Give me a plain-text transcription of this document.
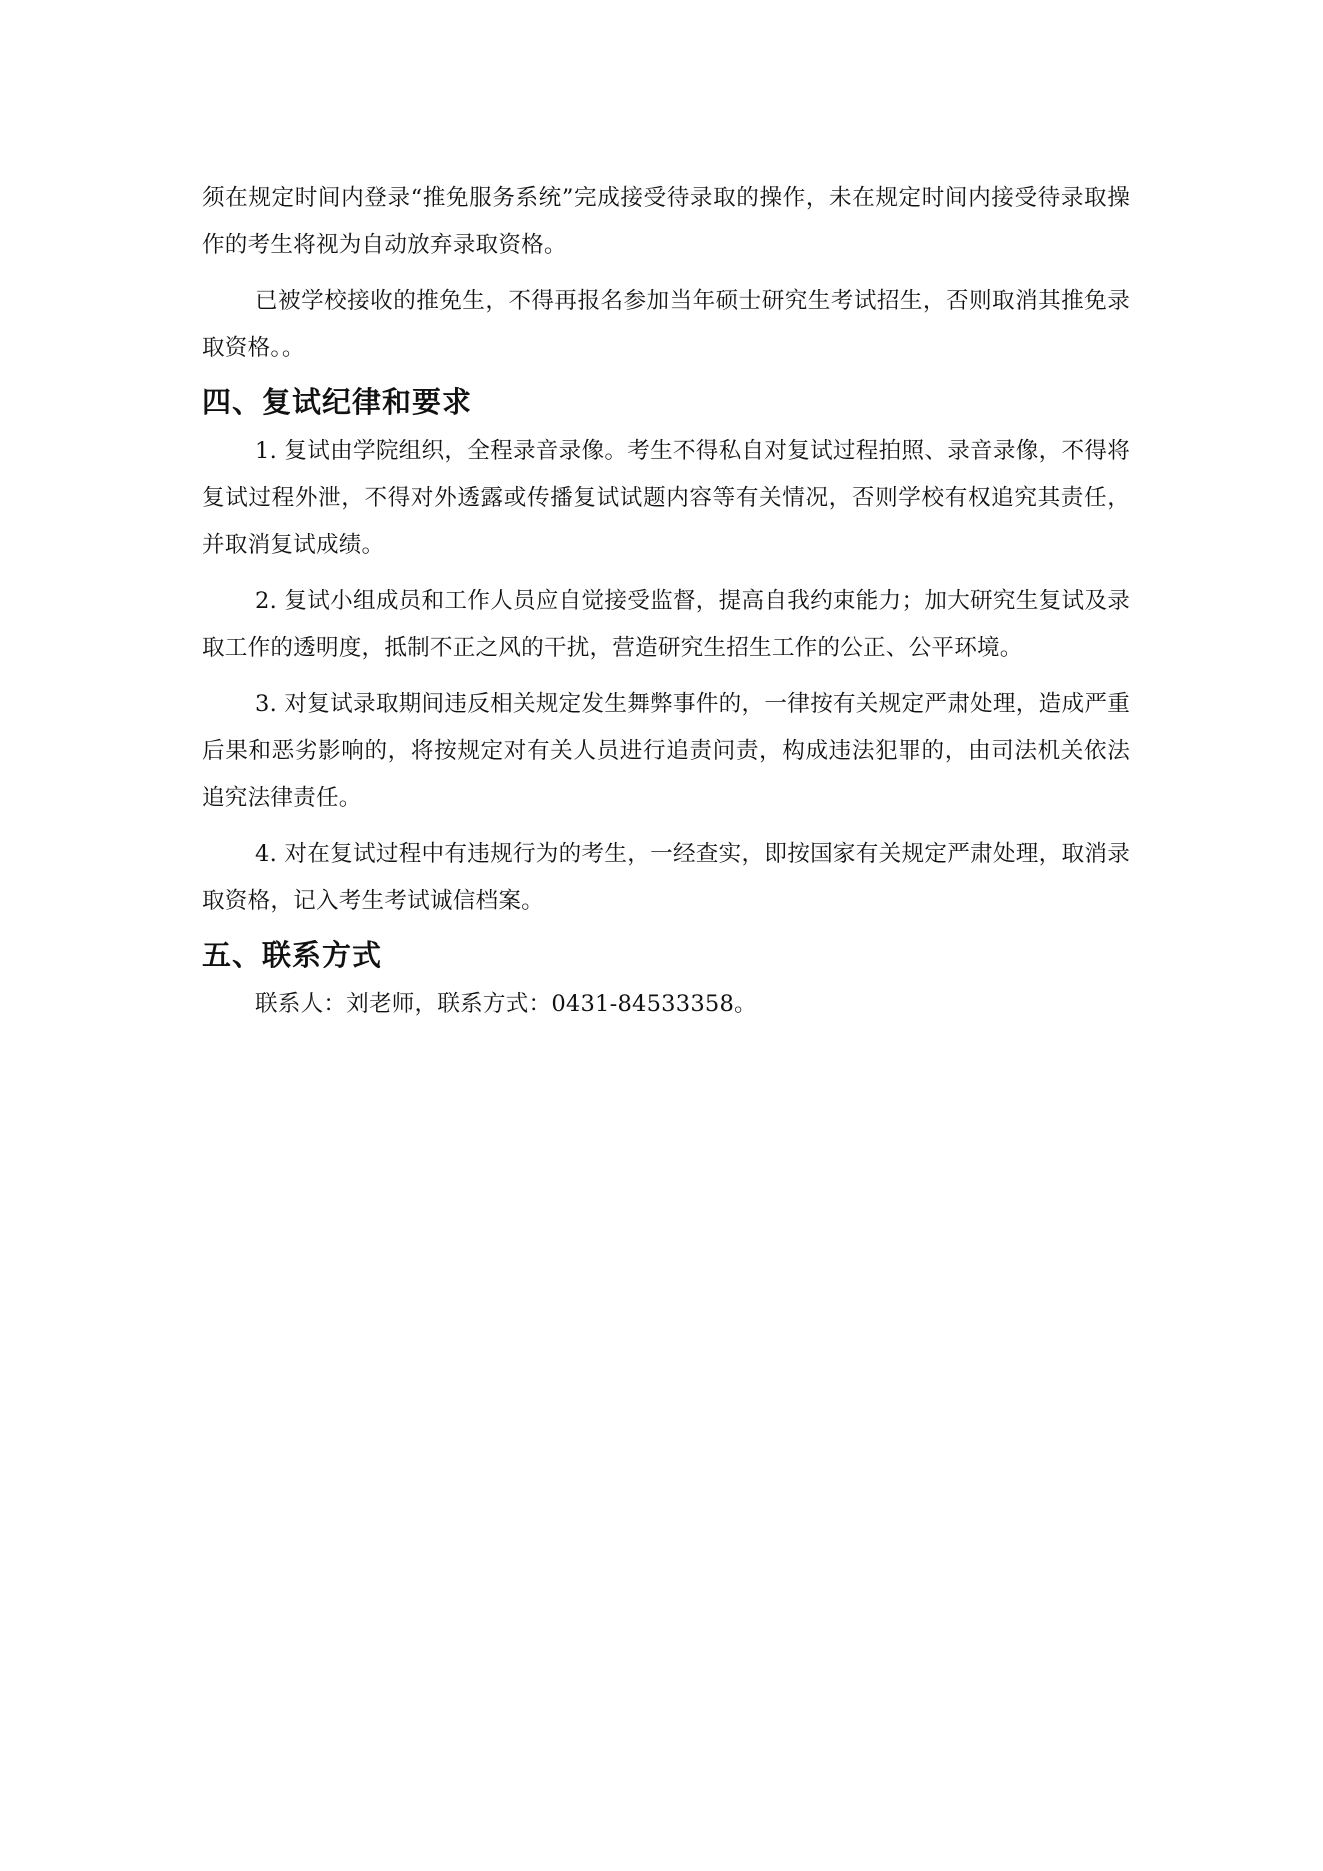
须在规定时间内登录“推免服务系统”完成接受待录取的操作，未在规定时间内接受待录取操作的考生将视为自动放弃录取资格。

已被学校接收的推免生，不得再报名参加当年硕士研究生考试招生，否则取消其推免录取资格。。

四、复试纪律和要求

1. 复试由学院组织，全程录音录像。考生不得私自对复试过程拍照、录音录像，不得将复试过程外泄，不得对外透露或传播复试试题内容等有关情况，否则学校有权追究其责任，并取消复试成绩。

2. 复试小组成员和工作人员应自觉接受监督，提高自我约束能力；加大研究生复试及录取工作的透明度，抵制不正之风的干扰，营造研究生招生工作的公正、公平环境。

3. 对复试录取期间违反相关规定发生舞弊事件的，一律按有关规定严肃处理，造成严重后果和恶劣影响的，将按规定对有关人员进行追责问责，构成违法犯罪的，由司法机关依法追究法律责任。

4. 对在复试过程中有违规行为的考生，一经查实，即按国家有关规定严肃处理，取消录取资格，记入考生考试诚信档案。

五、联系方式

联系人：刘老师，联系方式：0431-84533358。
